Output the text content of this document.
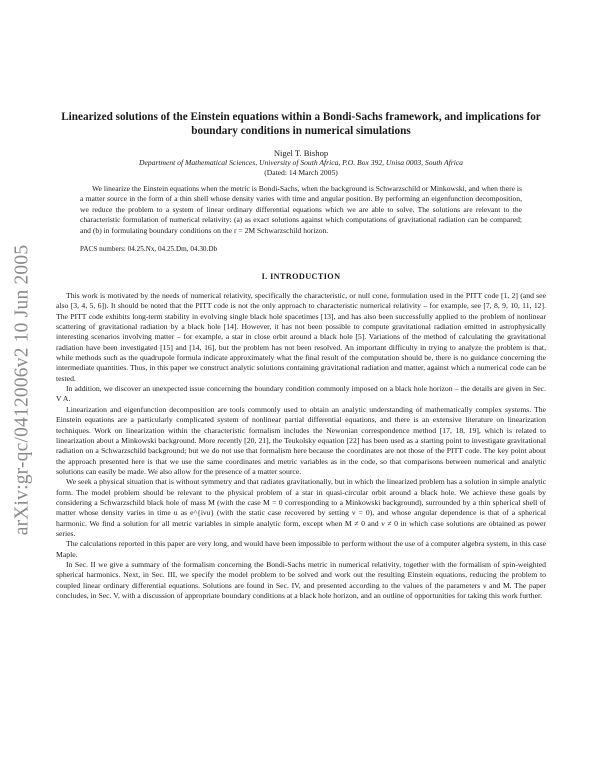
arXiv:gr-qc/0412006v2 10 Jun 2005
Linearized solutions of the Einstein equations within a Bondi-Sachs framework, and implications for boundary conditions in numerical simulations

Nigel T. Bishop

Department of Mathematical Sciences, University of South Africa, P.O. Box 392, Unisa 0003, South Africa

(Dated: 14 March 2005)

We linearize the Einstein equations when the metric is Bondi-Sachs, when the background is Schwarzschild or Minkowski, and when there is a matter source in the form of a thin shell whose density varies with time and angular position. By performing an eigenfunction decomposition, we reduce the problem to a system of linear ordinary differential equations which we are able to solve. The solutions are relevant to the characteristic formulation of numerical relativity: (a) as exact solutions against which computations of gravitational radiation can be compared; and (b) in formulating boundary conditions on the r = 2M Schwarzschild horizon.

PACS numbers: 04.25.Nx, 04.25.Dm, 04.30.Db

I. INTRODUCTION

This work is motivated by the needs of numerical relativity, specifically the characteristic, or null cone, formulation used in the PITT code [1, 2] (and see also [3, 4, 5, 6]). It should be noted that the PITT code is not the only approach to characteristic numerical relativity – for example, see [7, 8, 9, 10, 11, 12]. The PITT code exhibits long-term stability in evolving single black hole spacetimes [13], and has also been successfully applied to the problem of nonlinear scattering of gravitational radiation by a black hole [14]. However, it has not been possible to compute gravitational radiation emitted in astrophysically interesting scenarios involving matter – for example, a star in close orbit around a black hole [5]. Variations of the method of calculating the gravitational radiation have been investigated [15] and [14, 16], but the problem has not been resolved. An important difficulty in trying to analyze the problem is that, while methods such as the quadrupole formula indicate approximately what the final result of the computation should be, there is no guidance concerning the intermediate quantities. Thus, in this paper we construct analytic solutions containing gravitational radiation and matter, against which a numerical code can be tested.

In addition, we discover an unexpected issue concerning the boundary condition commonly imposed on a black hole horizon – the details are given in Sec. V A.

Linearization and eigenfunction decomposition are tools commonly used to obtain an analytic understanding of mathematically complex systems. The Einstein equations are a particularly complicated system of nonlinear partial differential equations, and there is an extensive literature on linearization techniques. Work on linearization within the characteristic formalism includes the Newonian correspondence method [17, 18, 19], which is related to linearization about a Minkowski background. More recently [20, 21], the Teukolsky equation [22] has been used as a starting point to investigate gravitational radiation on a Schwarzschild background; but we do not use that formalism here because the coordinates are not those of the PITT code. The key point about the approach presented here is that we use the same coordinates and metric variables as in the code, so that comparisons between numerical and analytic solutions can easily be made. We also allow for the presence of a matter source.

We seek a physical situation that is without symmetry and that radiates gravitationally, but in which the linearized problem has a solution in simple analytic form. The model problem should be relevant to the physical problem of a star in quasi-circular orbit around a black hole. We achieve these goals by considering a Schwarzschild black hole of mass M (with the case M = 0 corresponding to a Minkowski background), surrounded by a thin spherical shell of matter whose density varies in time u as e^{iνu} (with the static case recovered by setting ν = 0), and whose angular dependence is that of a spherical harmonic. We find a solution for all metric variables in simple analytic form, except when M ≠ 0 and ν ≠ 0 in which case solutions are obtained as power series.

The calculations reported in this paper are very long, and would have been impossible to perform without the use of a computer algebra system, in this case Maple.

In Sec. II we give a summary of the formalism concerning the Bondi-Sachs metric in numerical relativity, together with the formalism of spin-weighted spherical harmonics. Next, in Sec. III, we specify the model problem to be solved and work out the resulting Einstein equations, reducing the problem to coupled linear ordinary differential equations. Solutions are found in Sec. IV, and presented according to the values of the parameters ν and M. The paper concludes, in Sec. V, with a discussion of appropriate boundary conditions at a black hole horizon, and an outline of opportunities for taking this work further.
